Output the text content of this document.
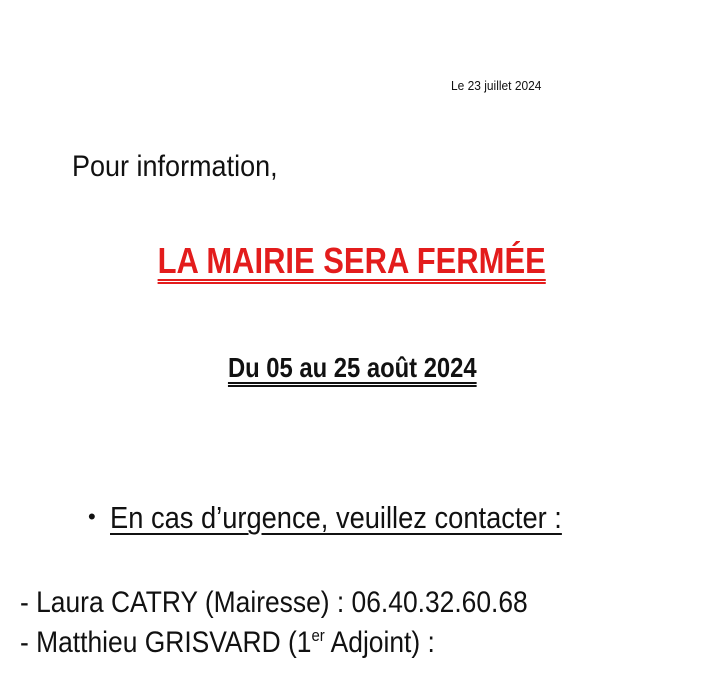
Le 23 juillet 2024
Pour information,
LA MAIRIE SERA FERMÉE
Du 05 au 25 août 2024
• En cas d’urgence, veuillez contacter :
- Laura CATRY (Mairesse) : 06.40.32.60.68
- Matthieu GRISVARD (1er Adjoint) :
